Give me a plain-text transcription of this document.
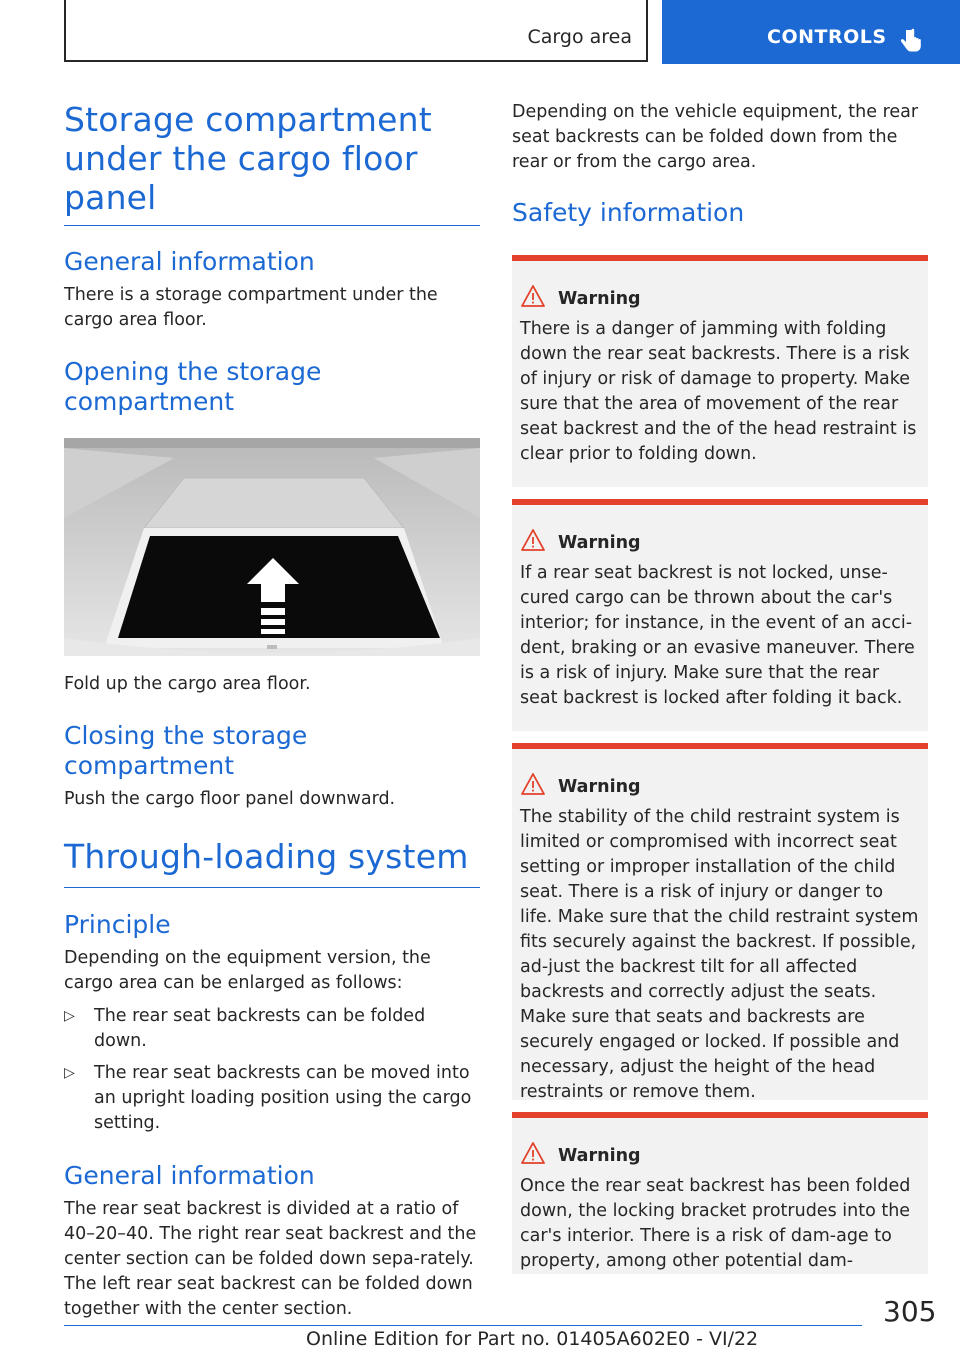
Cargo area	CONTROLS
Storage compartment under the cargo floor panel
General information

There is a storage compartment under the cargo area floor.

Opening the storage compartment

Fold up the cargo area floor.

Closing the storage compartment

Push the cargo floor panel downward.

Through-loading system
Principle

Depending on the equipment version, the cargo area can be enlarged as follows:

▷ The rear seat backrests can be folded down.
▷ The rear seat backrests can be moved into an upright loading position using the cargo setting.
General information

The rear seat backrest is divided at a ratio of 40–20–40. The right rear seat backrest and the center section can be folded down sepa-rately. The left rear seat backrest can be folded down together with the center section.

Depending on the vehicle equipment, the rear seat backrests can be folded down from the rear or from the cargo area.

Safety information
Warning
There is a danger of jamming with folding down the rear seat backrests. There is a risk of injury or risk of damage to property. Make sure that the area of movement of the rear seat backrest and the of the head restraint is clear prior to folding down.
Warning
If a rear seat backrest is not locked, unse-cured cargo can be thrown about the car's interior; for instance, in the event of an acci-dent, braking or an evasive maneuver. There is a risk of injury. Make sure that the rear seat backrest is locked after folding it back.
Warning
The stability of the child restraint system is limited or compromised with incorrect seat setting or improper installation of the child seat. There is a risk of injury or danger to life. Make sure that the child restraint system fits securely against the backrest. If possible, ad-just the backrest tilt for all affected backrests and correctly adjust the seats. Make sure that seats and backrests are securely engaged or locked. If possible and necessary, adjust the height of the head restraints or remove them.
Warning
Once the rear seat backrest has been folded down, the locking bracket protrudes into the car's interior. There is a risk of dam-age to property, among other potential dam-
305
Online Edition for Part no. 01405A602E0 - VI/22
